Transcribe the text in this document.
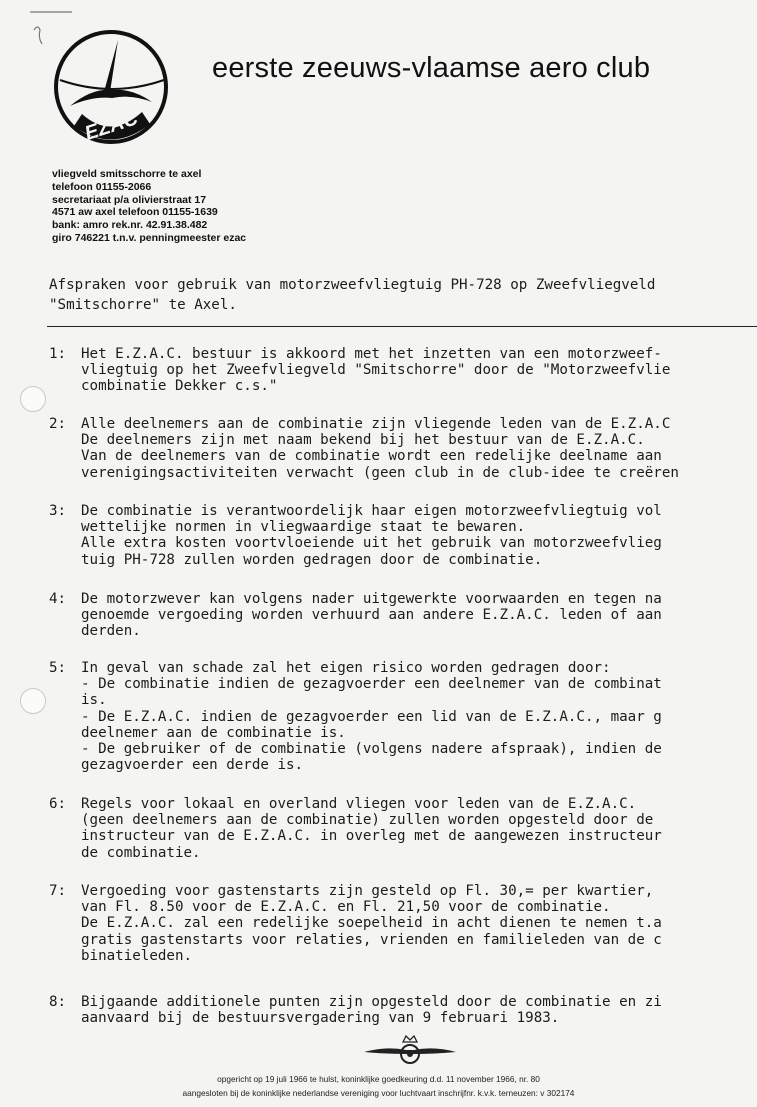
EZAC
eerste zeeuws-vlaamse aero club
vliegveld smitsschorre te axel
telefoon 01155-2066
secretariaat p/a olivierstraat 17
4571 aw axel telefoon 01155-1639
bank: amro rek.nr. 42.91.38.482
giro 746221 t.n.v. penningmeester ezac
Afspraken voor gebruik van motorzweefvliegtuig PH-728 op Zweefvliegveld
"Smitschorre" te Axel.
1: Het E.Z.A.C. bestuur is akkoord met het inzetten van een motorzweef-
vliegtuig op het Zweefvliegveld "Smitschorre" door de "Motorzweefvlie
combinatie Dekker c.s."
2: Alle deelnemers aan de combinatie zijn vliegende leden van de E.Z.A.C
De deelnemers zijn met naam bekend bij het bestuur van de E.Z.A.C.
Van de deelnemers van de combinatie wordt een redelijke deelname aan
verenigingsactiviteiten verwacht (geen club in de club-idee te creëren
3: De combinatie is verantwoordelijk haar eigen motorzweefvliegtuig vol
wettelijke normen in vliegwaardige staat te bewaren.
Alle extra kosten voortvloeiende uit het gebruik van motorzweefvlieg
tuig PH-728 zullen worden gedragen door de combinatie.
4: De motorzwever kan volgens nader uitgewerkte voorwaarden en tegen na
genoemde vergoeding worden verhuurd aan andere E.Z.A.C. leden of aan
derden.
5: In geval van schade zal het eigen risico worden gedragen door:
- De combinatie indien de gezagvoerder een deelnemer van de combinat
is.
- De E.Z.A.C. indien de gezagvoerder een lid van de E.Z.A.C., maar g
deelnemer aan de combinatie is.
- De gebruiker of de combinatie (volgens nadere afspraak), indien de
gezagvoerder een derde is.
6: Regels voor lokaal en overland vliegen voor leden van de E.Z.A.C.
(geen deelnemers aan de combinatie) zullen worden opgesteld door de
instructeur van de E.Z.A.C. in overleg met de aangewezen instructeur
de combinatie.
7: Vergoeding voor gastenstarts zijn gesteld op Fl. 30,= per kwartier,
van Fl. 8.50 voor de E.Z.A.C. en Fl. 21,50 voor de combinatie.
De E.Z.A.C. zal een redelijke soepelheid in acht dienen te nemen t.a
gratis gastenstarts voor relaties, vrienden en familieleden van de c
binatieleden.
8: Bijgaande additionele punten zijn opgesteld door de combinatie en zi
aanvaard bij de bestuursvergadering van 9 februari 1983.
opgericht op 19 juli 1966 te hulst, koninklijke goedkeuring d.d. 11 november 1966, nr. 80
aangesloten bij de koninklijke nederlandse vereniging voor luchtvaart inschrijfnr. k.v.k. terneuzen: v 302174
